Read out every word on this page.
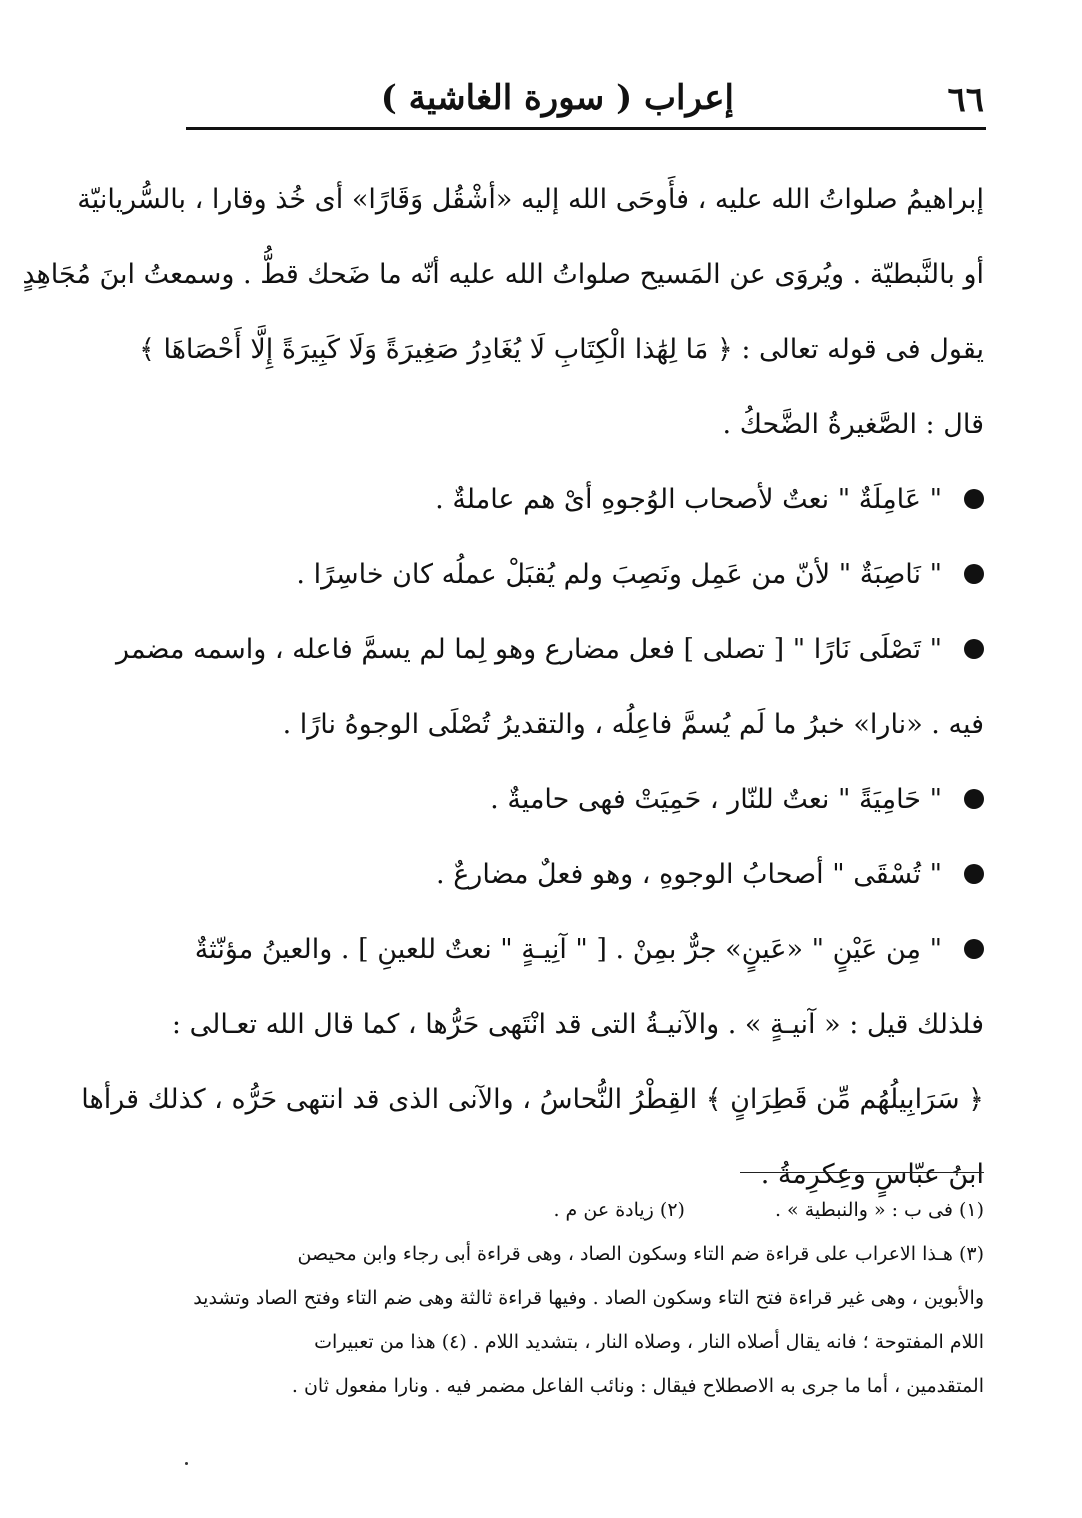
٦٦
إعراب ( سورة الغاشية )
إبراهيمُ صلواتُ الله عليه ، فأَوحَى الله إليه «أشْقُل وَقَارًا» أى خُذ وقارا ، بالسُّريانيّة
أو بالنَّبطيّة . ويُروَى عن المَسيح صلواتُ الله عليه أنّه ما ضَحك قطُّ . وسمعتُ ابنَ مُجَاهِدٍ
يقول فى قوله تعالى : ﴿ مَا لِهَٰذا الْكِتَابِ لَا يُغَادِرُ صَغِيرَةً وَلَا كَبِيرَةً إِلَّا أَحْصَاهَا ﴾
قال : الصَّغيرةُ الضَّحكُ .
" عَامِلَةٌ " نعتٌ لأصحاب الوُجوهِ أىْ هم عاملةٌ .
" نَاصِبَةٌ " لأنّ من عَمِل ونَصِبَ ولم يُقبَلْ عملُه كان خاسِرًا .
" تَصْلَى نَارًا " [ تصلى ] فعل مضارع وهو لِما لم يسمَّ فاعله ، واسمه مضمر
فيه . «نارا» خبرُ ما لَم يُسمَّ فاعِلُه ، والتقديرُ تُصْلَى الوجوهُ نارًا .
" حَامِيَةً " نعتٌ للنّار ، حَمِيَتْ فهى حاميةٌ .
" تُسْقَى " أصحابُ الوجوهِ ، وهو فعلٌ مضارعٌ .
" مِن عَيْنٍ " «عَينٍ» جرٌّ بمِنْ . [ " آنِيـةٍ " نعتٌ للعينِ ] . والعينُ مؤنّثةٌ
فلذلك قيل : « آنيـةٍ » . والآنيـةُ التى قد انْتَهى حَرُّها ، كما قال الله تعـالى :
﴿ سَرَابِيلُهُم مِّن قَطِرَانٍ ﴾ القِطْرُ النُّحاسُ ، والآنى الذى قد انتهى حَرُّه ، كذلك قرأها
ابنُ عبّاسٍ وعِكرِمةُ .
(١) فى ب : « والنبطية » .
(٢) زيادة عن م .
(٣) هـذا الاعراب على قراءة ضم التاء وسكون الصاد ، وهى قراءة أبى رجاء وابن محيصن
والأبوين ، وهى غير قراءة فتح التاء وسكون الصاد . وفيها قراءة ثالثة وهى ضم التاء وفتح الصاد وتشديد
اللام المفتوحة ؛ فانه يقال أصلاه النار ، وصلاه النار ، بتشديد اللام . (٤) هذا من تعبيرات
المتقدمين ، أما ما جرى به الاصطلاح فيقال : ونائب الفاعل مضمر فيه . ونارا مفعول ثان .
